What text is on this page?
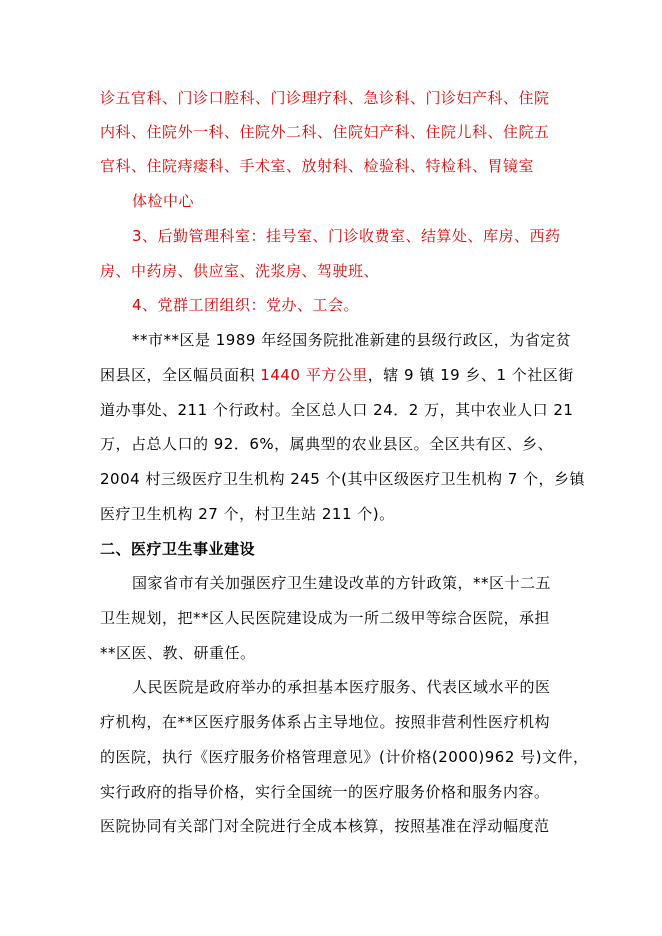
诊五官科、门诊口腔科、门诊理疗科、急诊科、门诊妇产科、住院
内科、住院外一科、住院外二科、住院妇产科、住院儿科、住院五
官科、住院痔瘘科、手术室、放射科、检验科、特检科、胃镜室
体检中心
3、后勤管理科室：挂号室、门诊收费室、结算处、库房、西药
房、中药房、供应室、洗浆房、驾驶班、
4、党群工团组织：党办、工会。
**市**区是 1989 年经国务院批准新建的县级行政区，为省定贫
困县区，全区幅员面积 1440 平方公里，辖 9 镇 19 乡、1 个社区街
道办事处、211 个行政村。全区总人口 24．2 万，其中农业人口 21
万，占总人口的 92．6%，属典型的农业县区。全区共有区、乡、
2004 村三级医疗卫生机构 245 个(其中区级医疗卫生机构 7 个，乡镇
医疗卫生机构 27 个，村卫生站 211 个)。
二、医疗卫生事业建设
国家省市有关加强医疗卫生建设改革的方针政策，**区十二五
卫生规划，把**区人民医院建设成为一所二级甲等综合医院，承担
**区医、教、研重任。
人民医院是政府举办的承担基本医疗服务、代表区域水平的医
疗机构，在**区医疗服务体系占主导地位。按照非营利性医疗机构
的医院，执行《医疗服务价格管理意见》(计价格(2000)962 号)文件，
实行政府的指导价格，实行全国统一的医疗服务价格和服务内容。
医院协同有关部门对全院进行全成本核算，按照基准在浮动幅度范
